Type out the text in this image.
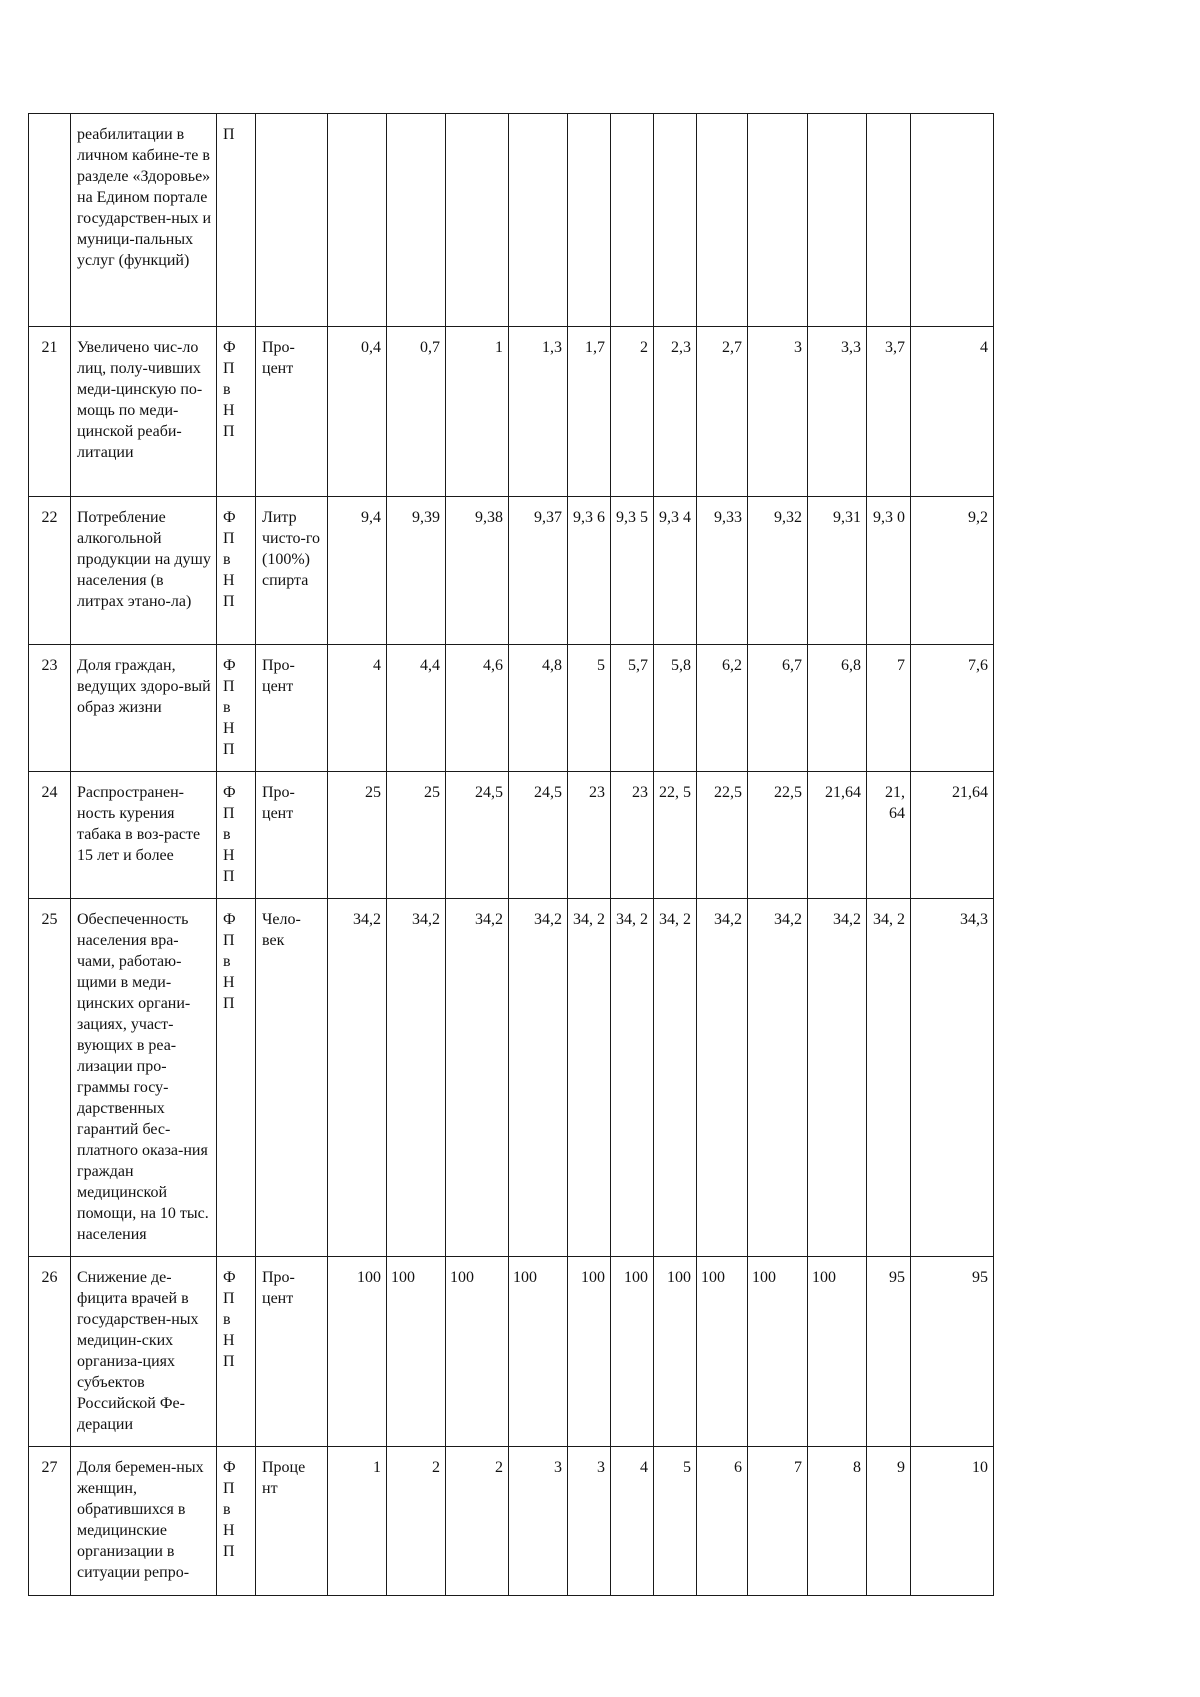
	реабилитации в личном кабине-те в разделе «Здоровье» на Едином портале государствен-ных и муници-пальных услуг (функций)	П													
21	Увеличено чис-ло лиц, полу-чивших меди-цинскую по-мощь по меди-цинской реаби-литации	Ф П в Н П	Про-цент	0,4	0,7	1	1,3	1,7	2	2,3	2,7	3	3,3	3,7	4
22	Потребление алкогольной продукции на душу населения (в литрах этано-ла)	Ф П в Н П	Литр чисто-го (100%) спирта	9,4	9,39	9,38	9,37	9,3 6	9,3 5	9,3 4	9,33	9,32	9,31	9,3 0	9,2
23	Доля граждан, ведущих здоро-вый образ жизни	Ф П в Н П	Про-цент	4	4,4	4,6	4,8	5	5,7	5,8	6,2	6,7	6,8	7	7,6
24	Распространен-ность курения табака в воз-расте 15 лет и более	Ф П в Н П	Про-цент	25	25	24,5	24,5	23	23	22, 5	22,5	22,5	21,64	21, 64	21,64
25	Обеспеченность населения вра-чами, работаю-щими в меди-цинских органи-зациях, участ-вующих в реа-лизации про-граммы госу-дарственных гарантий бес-платного оказа-ния граждан медицинской помощи, на 10 тыс. населения	Ф П в Н П	Чело-век	34,2	34,2	34,2	34,2	34, 2	34, 2	34, 2	34,2	34,2	34,2	34, 2	34,3
26	Снижение де-фицита врачей в государствен-ных медицин-ских организа-циях субъектов Российской Фе-дерации	Ф П в Н П	Про-цент	100	100	100	100	100	100	100	100	100	100	95	95
27	Доля беремен-ных женщин, обратившихся в медицинские организации в ситуации репро-	Ф П в Н П	Проце нт	1	2	2	3	3	4	5	6	7	8	9	10
